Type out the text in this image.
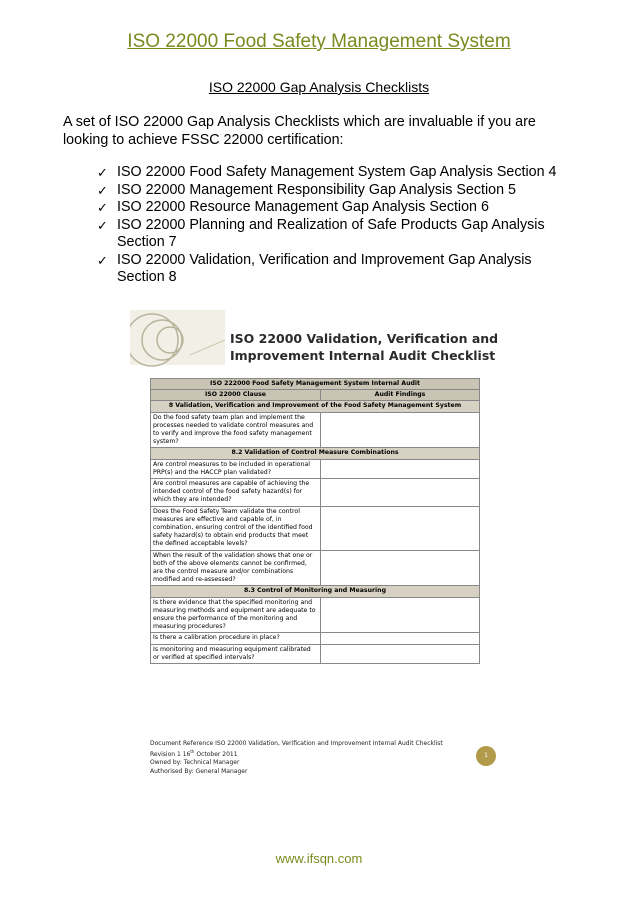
ISO 22000 Food Safety Management System
ISO 22000 Gap Analysis Checklists
A set of ISO 22000 Gap Analysis Checklists which are invaluable if you are looking to achieve FSSC 22000 certification:
✓ ISO 22000 Food Safety Management System Gap Analysis Section 4
✓ ISO 22000 Management Responsibility Gap Analysis Section 5
✓ ISO 22000 Resource Management Gap Analysis Section 6
✓ ISO 22000 Planning and Realization of Safe Products Gap Analysis Section 7
✓ ISO 22000 Validation, Verification and Improvement Gap Analysis Section 8
ISO 22000 Validation, Verification and
Improvement Internal Audit Checklist
ISO 222000 Food Safety Management System Internal Audit	
ISO 22000 Clause	Audit Findings
8 Validation, Verification and Improvement of the Food Safety Management System	
Do the food safety team plan and implement the processes needed to validate control measures and to verify and improve the food safety management system?	
8.2 Validation of Control Measure Combinations	
Are control measures to be included in operational PRP(s) and the HACCP plan validated?	
Are control measures are capable of achieving the intended control of the food safety hazard(s) for which they are intended?	
Does the Food Safety Team validate the control measures are effective and capable of, in combination, ensuring control of the identified food safety hazard(s) to obtain end products that meet the defined acceptable levels?	
When the result of the validation shows that one or both of the above elements cannot be confirmed, are the control measure and/or combinations modified and re-assessed?	
8.3 Control of Monitoring and Measuring	
Is there evidence that the specified monitoring and measuring methods and equipment are adequate to ensure the performance of the monitoring and measuring procedures?	
Is there a calibration procedure in place?	
Is monitoring and measuring equipment calibrated or verified at specified intervals?	
Document Reference ISO 22000 Validation, Verification and Improvement Internal Audit Checklist
Revision 1 16th October 2011
Owned by: Technical Manager
Authorised By: General Manager
1
www.ifsqn.com
